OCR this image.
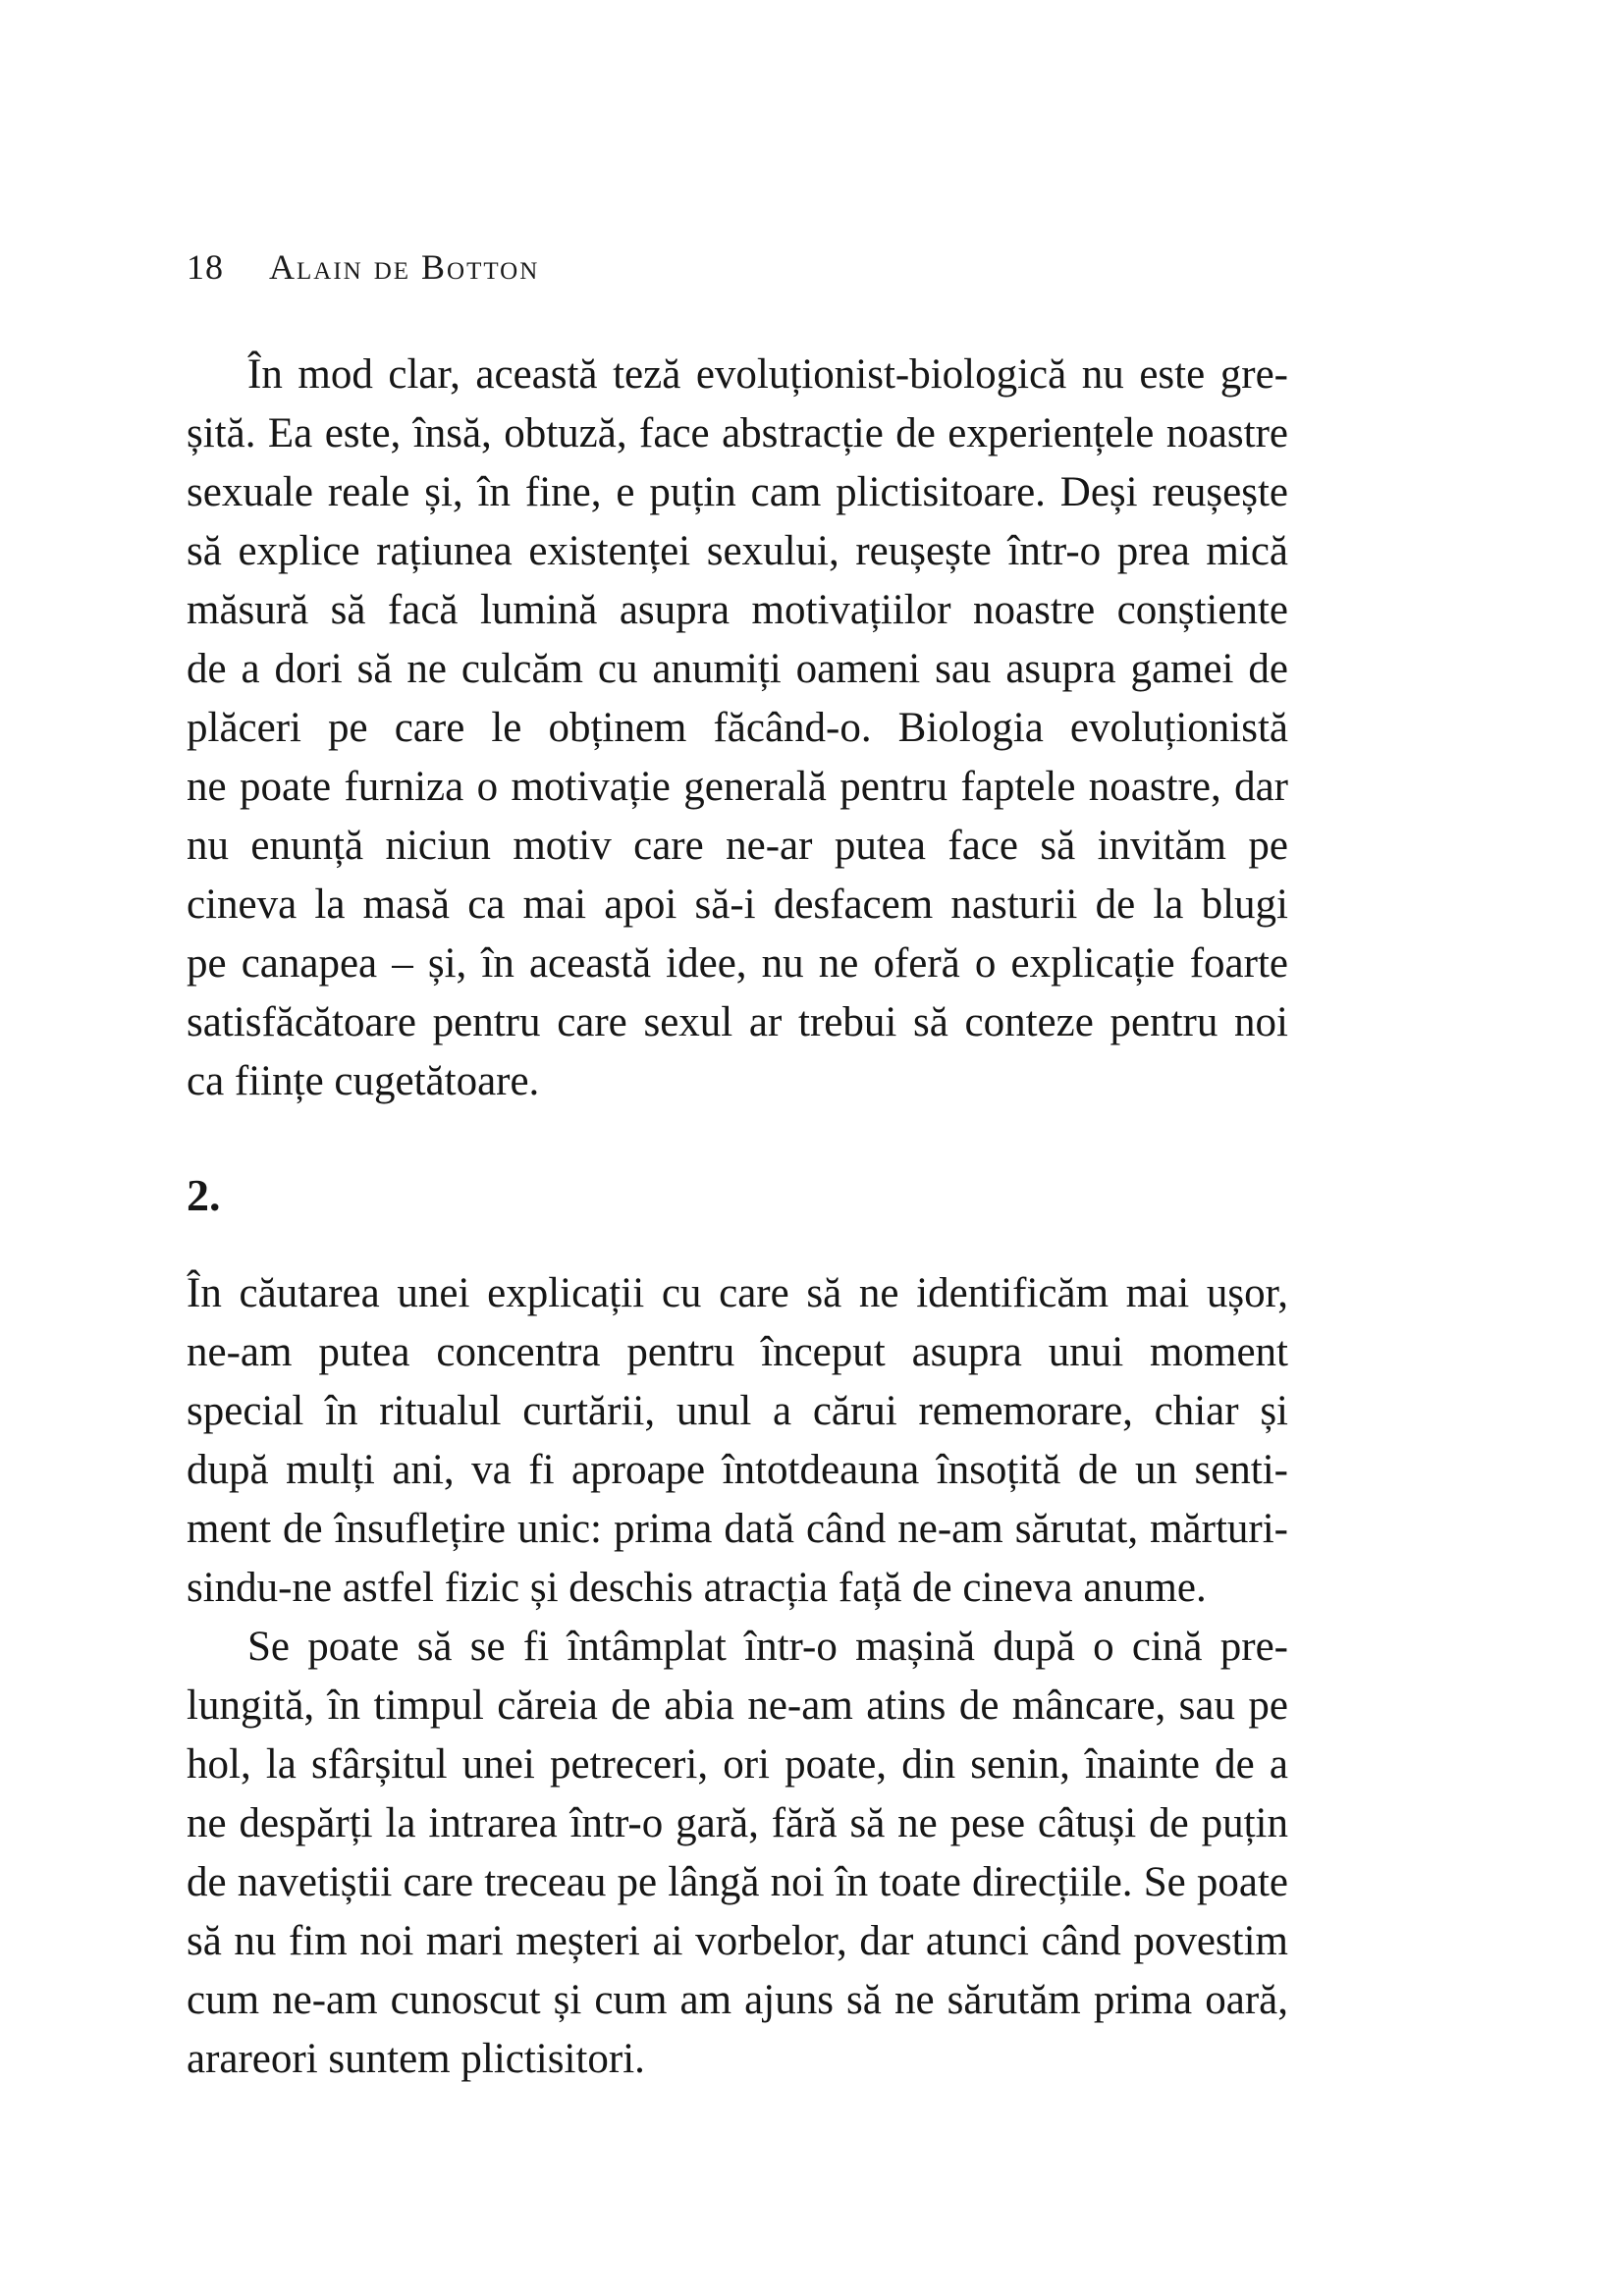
18 Alain de Botton
În mod clar, această teză evoluționist-biologică nu este gre-
șită. Ea este, însă, obtuză, face abstracție de experiențele noastre
sexuale reale și, în fine, e puțin cam plictisitoare. Deși reușește
să explice rațiunea existenței sexului, reușește într-o prea mică
măsură să facă lumină asupra motivațiilor noastre conștiente
de a dori să ne culcăm cu anumiți oameni sau asupra gamei de
plăceri pe care le obținem făcând-o. Biologia evoluționistă
ne poate furniza o motivație generală pentru faptele noastre, dar
nu enunță niciun motiv care ne-ar putea face să invităm pe
cineva la masă ca mai apoi să-i desfacem nasturii de la blugi
pe canapea – și, în această idee, nu ne oferă o explicație foarte
satisfăcătoare pentru care sexul ar trebui să conteze pentru noi
ca ființe cugetătoare.
2.
În căutarea unei explicații cu care să ne identificăm mai ușor,
ne-am putea concentra pentru început asupra unui moment
special în ritualul curtării, unul a cărui rememorare, chiar și
după mulți ani, va fi aproape întotdeauna însoțită de un senti-
ment de însuflețire unic: prima dată când ne-am sărutat, mărturi-
sindu-ne astfel fizic și deschis atracția față de cineva anume.
Se poate să se fi întâmplat într-o mașină după o cină pre-
lungită, în timpul căreia de abia ne-am atins de mâncare, sau pe
hol, la sfârșitul unei petreceri, ori poate, din senin, înainte de a
ne despărți la intrarea într-o gară, fără să ne pese câtuși de puțin
de navetiștii care treceau pe lângă noi în toate direcțiile. Se poate
să nu fim noi mari meșteri ai vorbelor, dar atunci când povestim
cum ne-am cunoscut și cum am ajuns să ne sărutăm prima oară,
arareori suntem plictisitori.
